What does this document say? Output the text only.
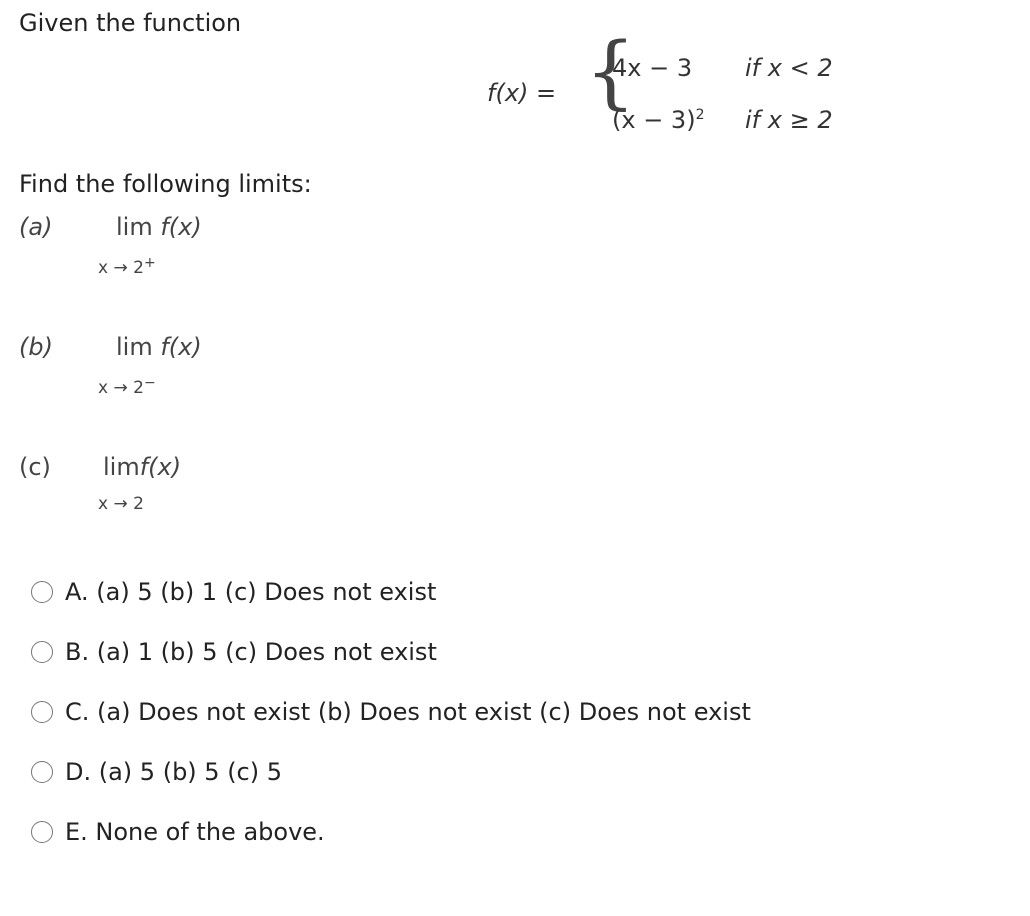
Given the function
f(x) = {
4x − 3 if x < 2
$(x - 3)^2$ if x ≥ 2
Find the following limits:
(a)	lim f(x)
x → 2+
(b)	lim f(x)
x → 2−
(c) limf(x)
x → 2
A. (a) 5 (b) 1 (c) Does not exist
B. (a) 1 (b) 5 (c) Does not exist
C. (a) Does not exist (b) Does not exist (c) Does not exist
D. (a) 5 (b) 5 (c) 5
E. None of the above.
